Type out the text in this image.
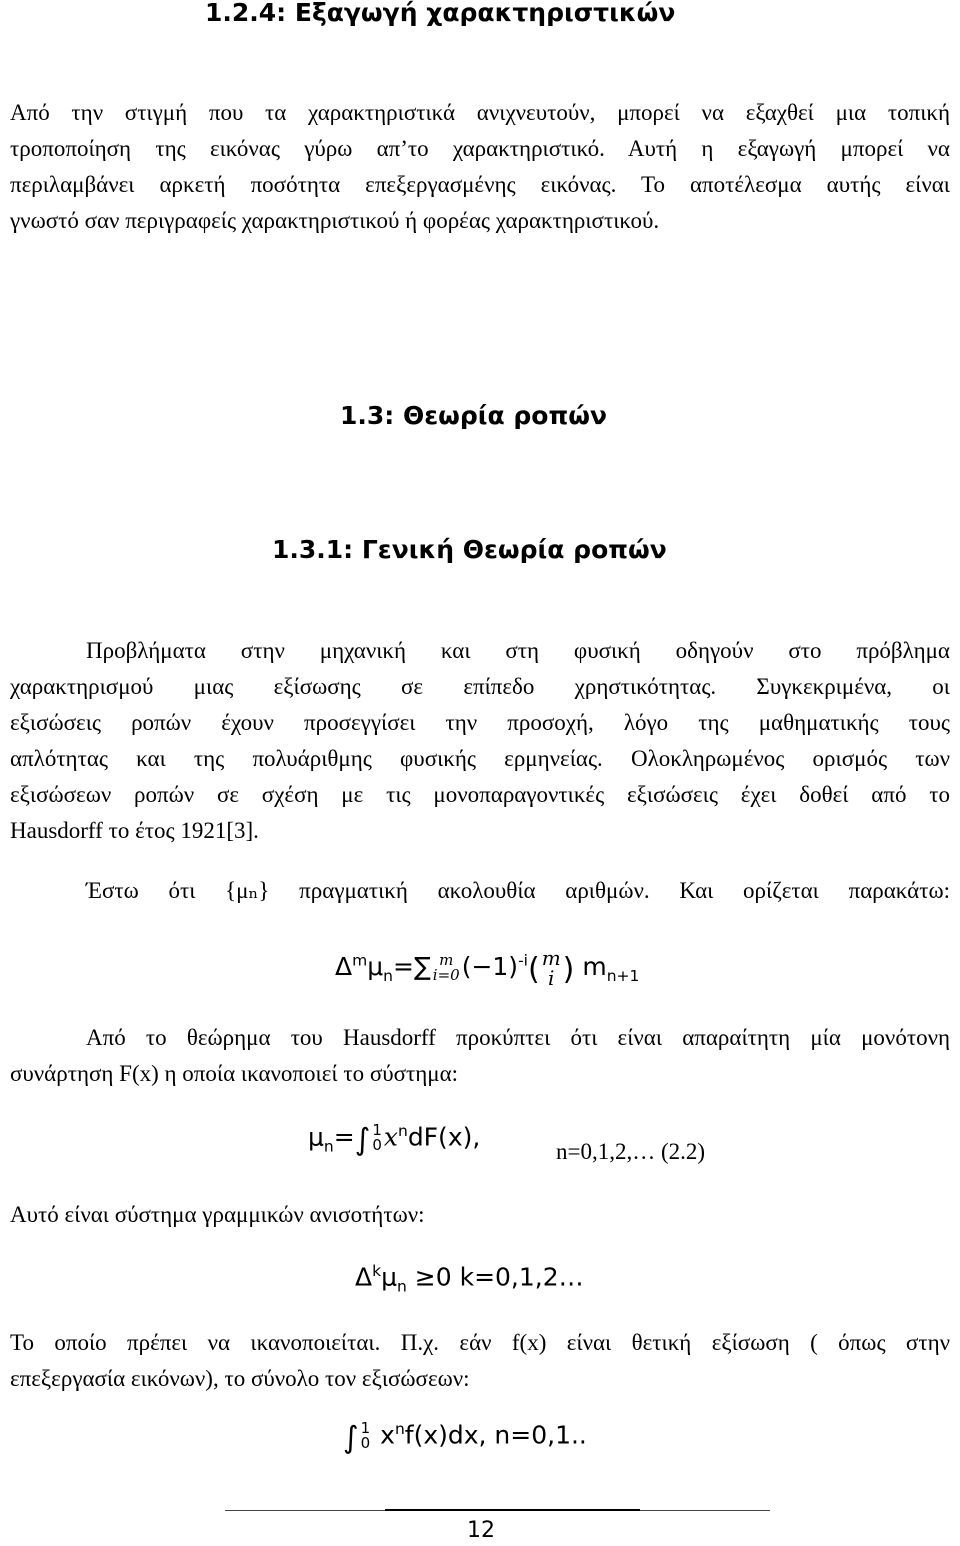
1.2.4: Εξαγωγή χαρακτηριστικών
Από την στιγμή που τα χαρακτηριστικά ανιχνευτούν, μπορεί να εξαχθεί μια τοπική
τροποποίηση της εικόνας γύρω απ’το χαρακτηριστικό. Αυτή η εξαγωγή μπορεί να
περιλαμβάνει αρκετή ποσότητα επεξεργασμένης εικόνας. Το αποτέλεσμα αυτής είναι
γνωστό σαν περιγραφείς χαρακτηριστικού ή φορέας χαρακτηριστικού.
1.3: Θεωρία ροπών
1.3.1: Γενική Θεωρία ροπών
Προβλήματα στην μηχανική και στη φυσική οδηγούν στο πρόβλημα
χαρακτηρισμού μιας εξίσωσης σε επίπεδο χρηστικότητας. Συγκεκριμένα, οι
εξισώσεις ροπών έχουν προσεγγίσει την προσοχή, λόγο της μαθηματικής τους
απλότητας και της πολυάριθμης φυσικής ερμηνείας. Ολοκληρωμένος ορισμός των
εξισώσεων ροπών σε σχέση με τις μονοπαραγοντικές εξισώσεις έχει δοθεί από το
Hausdorff το έτος 1921[3].
Έστω ότι {μₙ} πραγματική ακολουθία αριθμών. Και ορίζεται παρακάτω:
$\Delta^m\mu_n=\sum$ m
i=0 $(-1)^{-i}$( m
i ) $m_{n+1}$
Από το θεώρημα του Hausdorff προκύπτει ότι είναι απαραίτητη μία μονότονη
συνάρτηση F(x) η οποία ικανοποιεί το σύστημα:
$\mu_n=\int$ 1
0 $x^ndF(x)$,
n=0,1,2,… (2.2)
Αυτό είναι σύστημα γραμμικών ανισοτήτων:
$\Delta^k\mu_n \ge 0$ k=0,1,2…
Το οποίο πρέπει να ικανοποιείται. Π.χ. εάν f(x) είναι θετική εξίσωση ( όπως στην
επεξεργασία εικόνων), το σύνολο τον εξισώσεων:
∫ 1
0 $x^nf(x)dx$, n=0,1..
12
